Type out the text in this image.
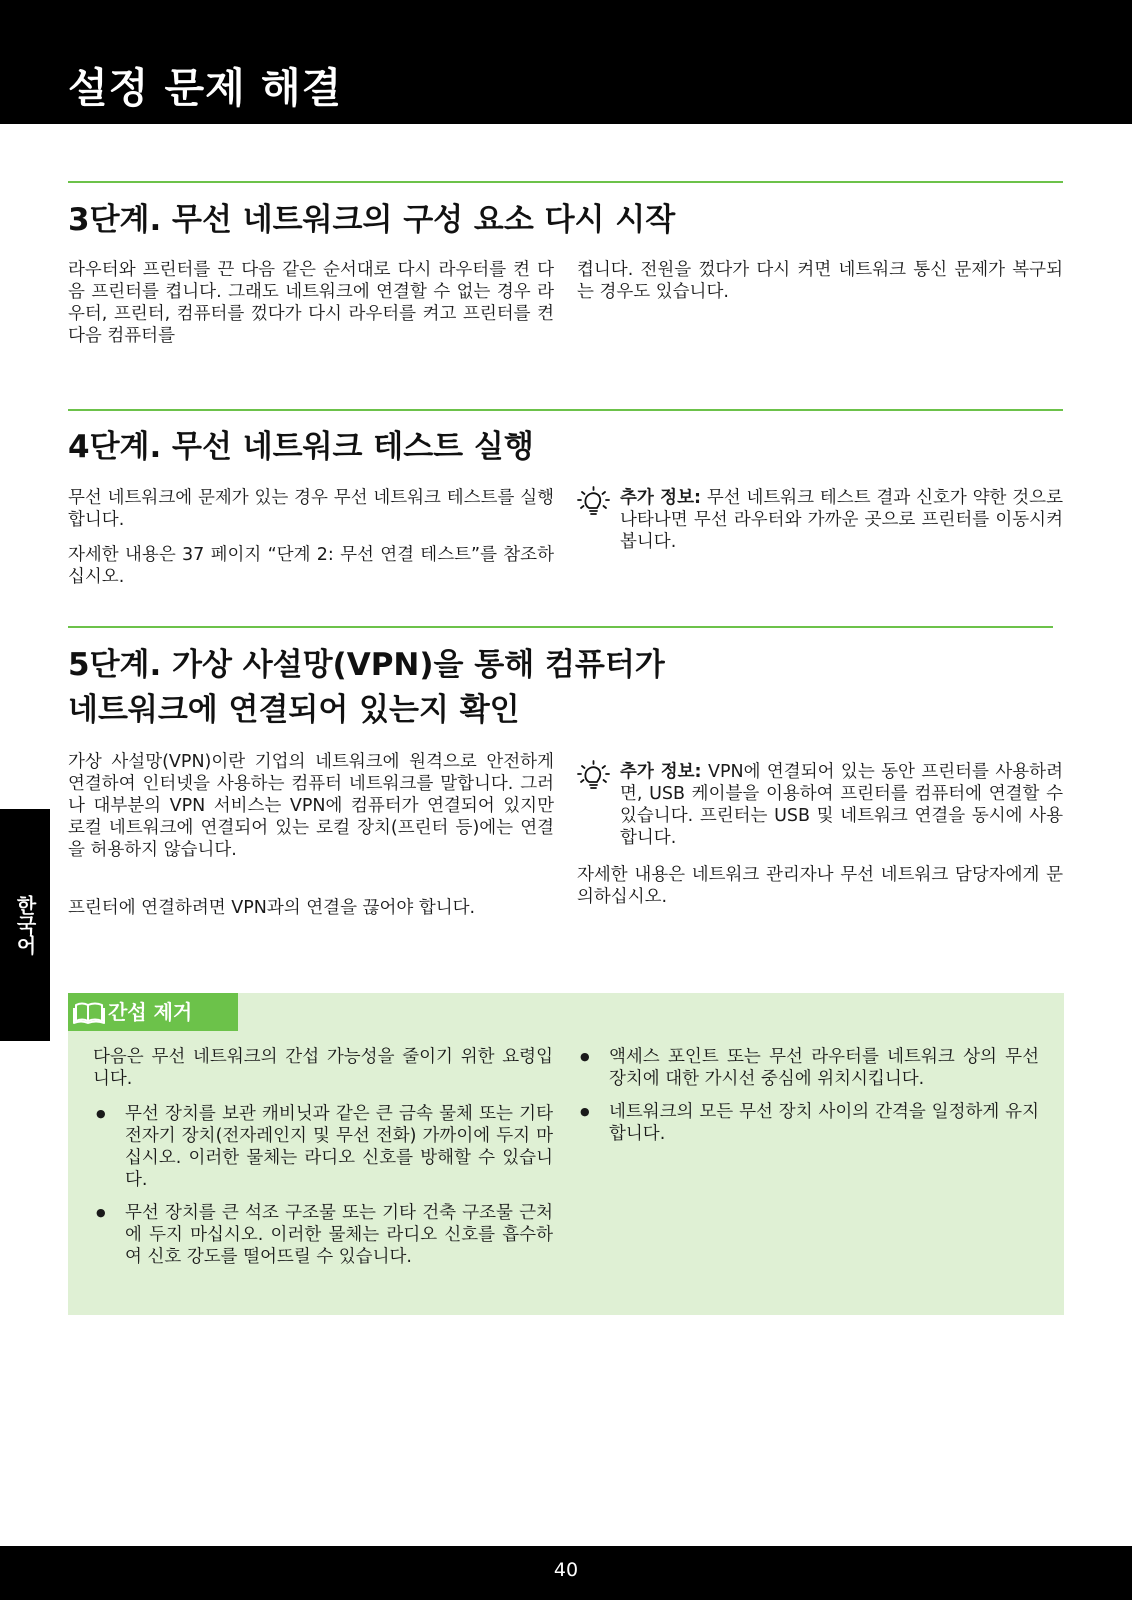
설정 문제 해결
한국어
3단계. 무선 네트워크의 구성 요소 다시 시작

라우터와 프린터를 끈 다음 같은 순서대로 다시 라우터를 켠 다음 프린터를 켭니다. 그래도 네트워크에 연결할 수 없는 경우 라우터, 프린터, 컴퓨터를 껐다가 다시 라우터를 켜고 프린터를 켠 다음 컴퓨터를

켭니다. 전원을 껐다가 다시 켜면 네트워크 통신 문제가 복구되는 경우도 있습니다.

4단계. 무선 네트워크 테스트 실행

무선 네트워크에 문제가 있는 경우 무선 네트워크 테스트를 실행합니다.

자세한 내용은 37 페이지 “단계 2: 무선 연결 테스트”를 참조하십시오.

추가 정보: 무선 네트워크 테스트 결과 신호가 약한 것으로 나타나면 무선 라우터와 가까운 곳으로 프린터를 이동시켜 봅니다.

5단계. 가상 사설망(VPN)을 통해 컴퓨터가
네트워크에 연결되어 있는지 확인

가상 사설망(VPN)이란 기업의 네트워크에 원격으로 안전하게 연결하여 인터넷을 사용하는 컴퓨터 네트워크를 말합니다. 그러나 대부분의 VPN 서비스는 VPN에 컴퓨터가 연결되어 있지만 로컬 네트워크에 연결되어 있는 로컬 장치(프린터 등)에는 연결을 허용하지 않습니다.

프린터에 연결하려면 VPN과의 연결을 끊어야 합니다.

추가 정보: VPN에 연결되어 있는 동안 프린터를 사용하려면, USB 케이블을 이용하여 프린터를 컴퓨터에 연결할 수 있습니다. 프린터는 USB 및 네트워크 연결을 동시에 사용합니다.

자세한 내용은 네트워크 관리자나 무선 네트워크 담당자에게 문의하십시오.

간섭 제거

다음은 무선 네트워크의 간섭 가능성을 줄이기 위한 요령입니다.

● 무선 장치를 보관 캐비닛과 같은 큰 금속 물체 또는 기타 전자기 장치(전자레인지 및 무선 전화) 가까이에 두지 마십시오. 이러한 물체는 라디오 신호를 방해할 수 있습니다.
● 무선 장치를 큰 석조 구조물 또는 기타 건축 구조물 근처에 두지 마십시오. 이러한 물체는 라디오 신호를 흡수하여 신호 강도를 떨어뜨릴 수 있습니다.
● 액세스 포인트 또는 무선 라우터를 네트워크 상의 무선 장치에 대한 가시선 중심에 위치시킵니다.
● 네트워크의 모든 무선 장치 사이의 간격을 일정하게 유지합니다.
40
